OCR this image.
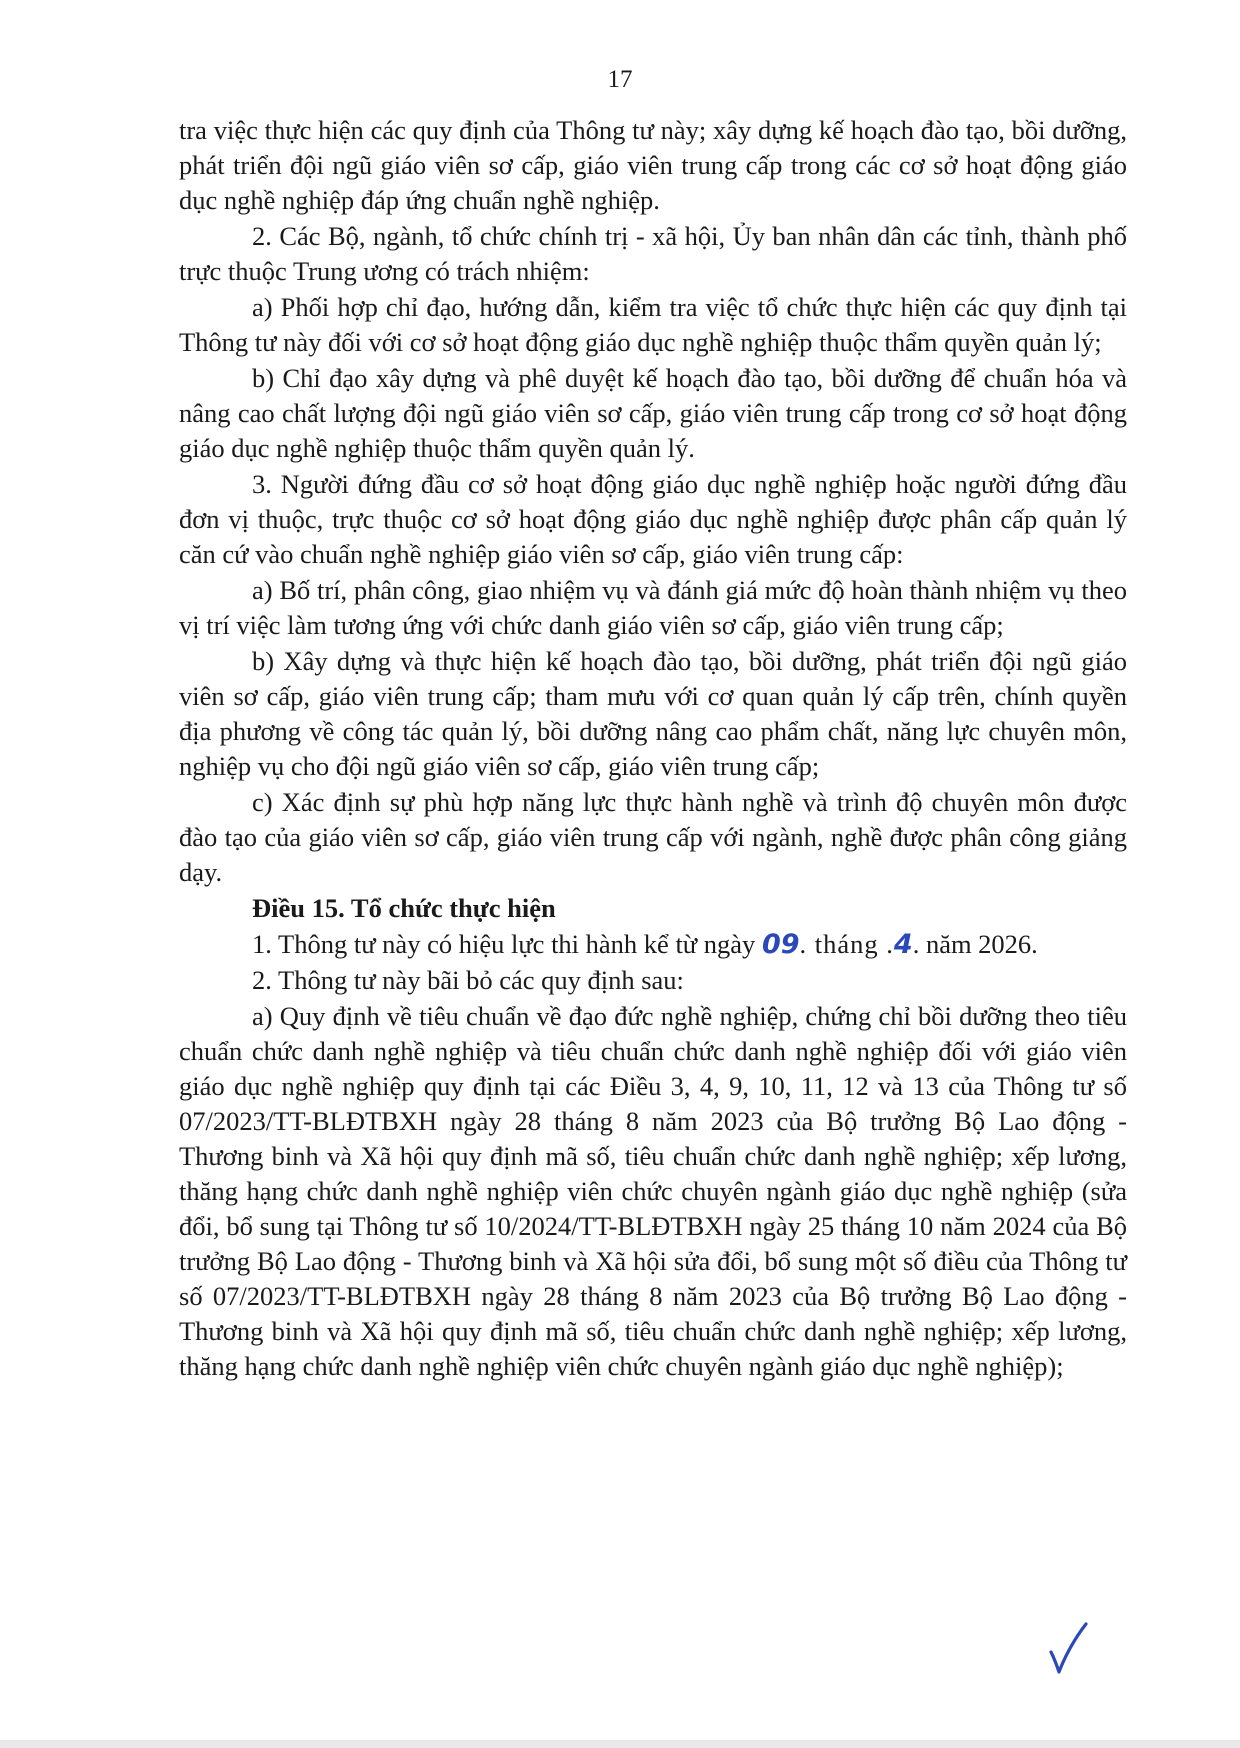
17

tra việc thực hiện các quy định của Thông tư này; xây dựng kế hoạch đào tạo, bồi dưỡng, phát triển đội ngũ giáo viên sơ cấp, giáo viên trung cấp trong các cơ sở hoạt động giáo dục nghề nghiệp đáp ứng chuẩn nghề nghiệp.

2. Các Bộ, ngành, tổ chức chính trị - xã hội, Ủy ban nhân dân các tỉnh, thành phố trực thuộc Trung ương có trách nhiệm:

a) Phối hợp chỉ đạo, hướng dẫn, kiểm tra việc tổ chức thực hiện các quy định tại Thông tư này đối với cơ sở hoạt động giáo dục nghề nghiệp thuộc thẩm quyền quản lý;

b) Chỉ đạo xây dựng và phê duyệt kế hoạch đào tạo, bồi dưỡng để chuẩn hóa và nâng cao chất lượng đội ngũ giáo viên sơ cấp, giáo viên trung cấp trong cơ sở hoạt động giáo dục nghề nghiệp thuộc thẩm quyền quản lý.

3. Người đứng đầu cơ sở hoạt động giáo dục nghề nghiệp hoặc người đứng đầu đơn vị thuộc, trực thuộc cơ sở hoạt động giáo dục nghề nghiệp được phân cấp quản lý căn cứ vào chuẩn nghề nghiệp giáo viên sơ cấp, giáo viên trung cấp:

a) Bố trí, phân công, giao nhiệm vụ và đánh giá mức độ hoàn thành nhiệm vụ theo vị trí việc làm tương ứng với chức danh giáo viên sơ cấp, giáo viên trung cấp;

b) Xây dựng và thực hiện kế hoạch đào tạo, bồi dưỡng, phát triển đội ngũ giáo viên sơ cấp, giáo viên trung cấp; tham mưu với cơ quan quản lý cấp trên, chính quyền địa phương về công tác quản lý, bồi dưỡng nâng cao phẩm chất, năng lực chuyên môn, nghiệp vụ cho đội ngũ giáo viên sơ cấp, giáo viên trung cấp;

c) Xác định sự phù hợp năng lực thực hành nghề và trình độ chuyên môn được đào tạo của giáo viên sơ cấp, giáo viên trung cấp với ngành, nghề được phân công giảng dạy.

Điều 15. Tổ chức thực hiện

1. Thông tư này có hiệu lực thi hành kể từ ngày 09. tháng .4. năm 2026.

2. Thông tư này bãi bỏ các quy định sau:

a) Quy định về tiêu chuẩn về đạo đức nghề nghiệp, chứng chỉ bồi dưỡng theo tiêu chuẩn chức danh nghề nghiệp và tiêu chuẩn chức danh nghề nghiệp đối với giáo viên giáo dục nghề nghiệp quy định tại các Điều 3, 4, 9, 10, 11, 12 và 13 của Thông tư số 07/2023/TT-BLĐTBXH ngày 28 tháng 8 năm 2023 của Bộ trưởng Bộ Lao động - Thương binh và Xã hội quy định mã số, tiêu chuẩn chức danh nghề nghiệp; xếp lương, thăng hạng chức danh nghề nghiệp viên chức chuyên ngành giáo dục nghề nghiệp (sửa đổi, bổ sung tại Thông tư số 10/2024/TT-BLĐTBXH ngày 25 tháng 10 năm 2024 của Bộ trưởng Bộ Lao động - Thương binh và Xã hội sửa đổi, bổ sung một số điều của Thông tư số 07/2023/TT-BLĐTBXH ngày 28 tháng 8 năm 2023 của Bộ trưởng Bộ Lao động - Thương binh và Xã hội quy định mã số, tiêu chuẩn chức danh nghề nghiệp; xếp lương, thăng hạng chức danh nghề nghiệp viên chức chuyên ngành giáo dục nghề nghiệp);
